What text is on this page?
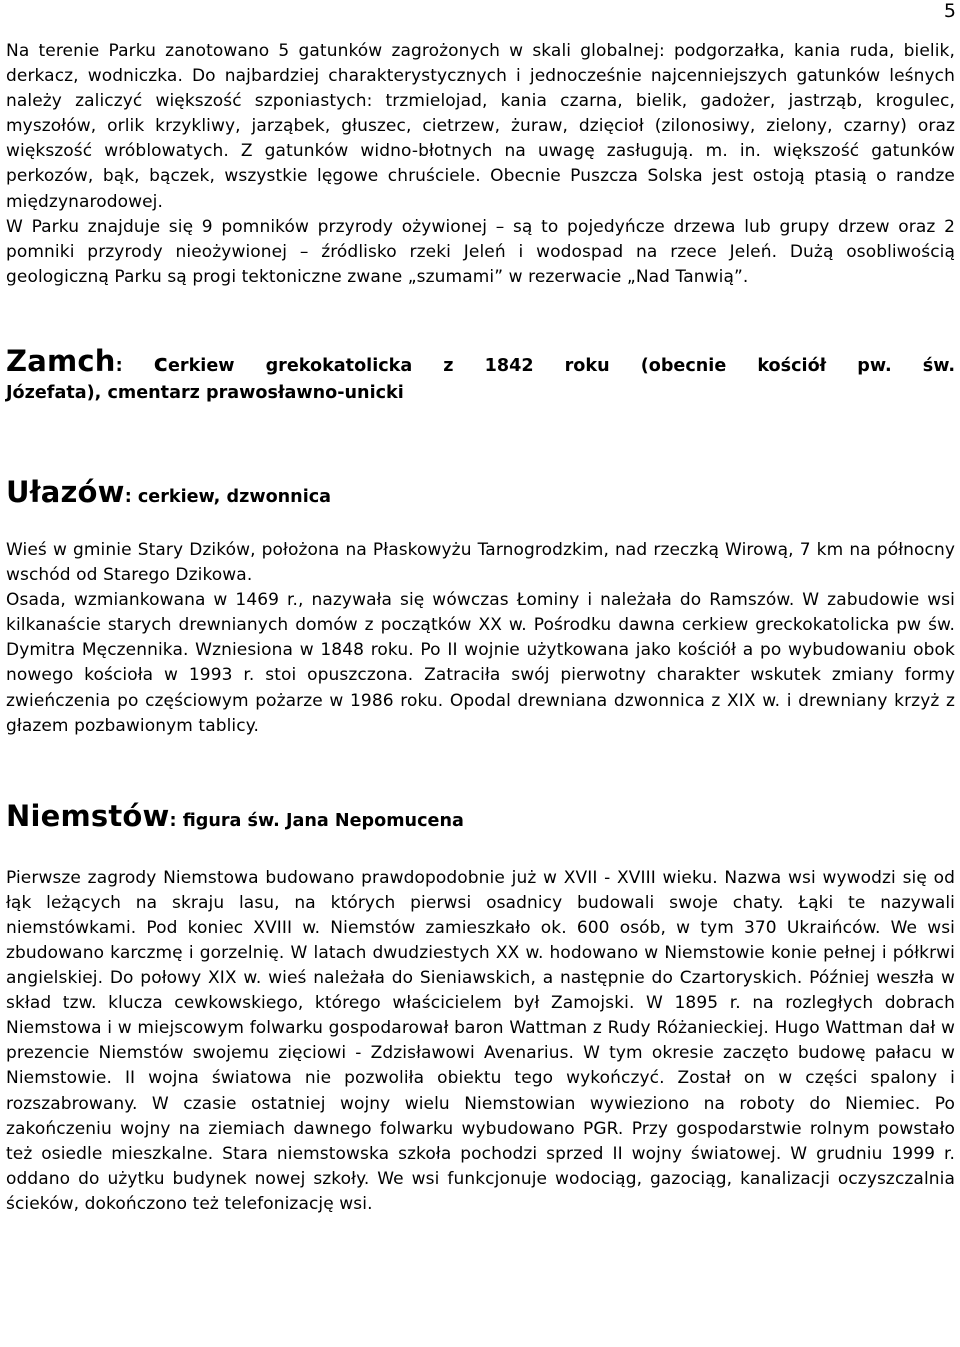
5

Na terenie Parku zanotowano 5 gatunków zagrożonych w skali globalnej: podgorzałka, kania ruda, bielik, derkacz, wodniczka. Do najbardziej charakterystycznych i jednocześnie najcenniejszych gatunków leśnych należy zaliczyć większość szponiastych: trzmielojad, kania czarna, bielik, gadożer, jastrząb, krogulec, myszołów, orlik krzykliwy, jarząbek, głuszec, cietrzew, żuraw, dzięcioł (zilonosiwy, zielony, czarny) oraz większość wróblowatych. Z gatunków widno-błotnych na uwagę zasługują. m. in. większość gatunków perkozów, bąk, bączek, wszystkie lęgowe chruściele. Obecnie Puszcza Solska jest ostoją ptasią o randze międzynarodowej.

W Parku znajduje się 9 pomników przyrody ożywionej – są to pojedyńcze drzewa lub grupy drzew oraz 2 pomniki przyrody nieożywionej – źródlisko rzeki Jeleń i wodospad na rzece Jeleń. Dużą osobliwością geologiczną Parku są progi tektoniczne zwane „szumami” w rezerwacie „Nad Tanwią”.

Zamch: cerkiew grekokatolicka z 1842 roku (obecnie kościół pw. św.
Józefata), cmentarz prawosławno-unicki
Ułazów: cerkiew, dzwonnica

Wieś w gminie Stary Dzików, położona na Płaskowyżu Tarnogrodzkim, nad rzeczką Wirową, 7 km na północny wschód od Starego Dzikowa.

Osada, wzmiankowana w 1469 r., nazywała się wówczas Łominy i należała do Ramszów. W zabudowie wsi kilkanaście starych drewnianych domów z początków XX w. Pośrodku dawna cerkiew greckokatolicka pw św. Dymitra Męczennika. Wzniesiona w 1848 roku. Po II wojnie użytkowana jako kościół a po wybudowaniu obok nowego kościoła w 1993 r. stoi opuszczona. Zatraciła swój pierwotny charakter wskutek zmiany formy zwieńczenia po częściowym pożarze w 1986 roku. Opodal drewniana dzwonnica z XIX w. i drewniany krzyż z głazem pozbawionym tablicy.

Niemstów: figura św. Jana Nepomucena

Pierwsze zagrody Niemstowa budowano prawdopodobnie już w XVII - XVIII wieku. Nazwa wsi wywodzi się od łąk leżących na skraju lasu, na których pierwsi osadnicy budowali swoje chaty. Łąki te nazywali niemstówkami. Pod koniec XVIII w. Niemstów zamieszkało ok. 600 osób, w tym 370 Ukraińców. We wsi zbudowano karczmę i gorzelnię. W latach dwudziestych XX w. hodowano w Niemstowie konie pełnej i półkrwi angielskiej. Do połowy XIX w. wieś należała do Sieniawskich, a następnie do Czartoryskich. Później weszła w skład tzw. klucza cewkowskiego, którego właścicielem był Zamojski. W 1895 r. na rozległych dobrach Niemstowa i w miejscowym folwarku gospodarował baron Wattman z Rudy Różanieckiej. Hugo Wattman dał w prezencie Niemstów swojemu zięciowi - Zdzisławowi Avenarius. W tym okresie zaczęto budowę pałacu w Niemstowie. II wojna światowa nie pozwoliła obiektu tego wykończyć. Został on w części spalony i rozszabrowany. W czasie ostatniej wojny wielu Niemstowian wywieziono na roboty do Niemiec. Po zakończeniu wojny na ziemiach dawnego folwarku wybudowano PGR. Przy gospodarstwie rolnym powstało też osiedle mieszkalne. Stara niemstowska szkoła pochodzi sprzed II wojny światowej. W grudniu 1999 r. oddano do użytku budynek nowej szkoły. We wsi funkcjonuje wodociąg, gazociąg, kanalizacji oczyszczalnia ścieków, dokończono też telefonizację wsi.
